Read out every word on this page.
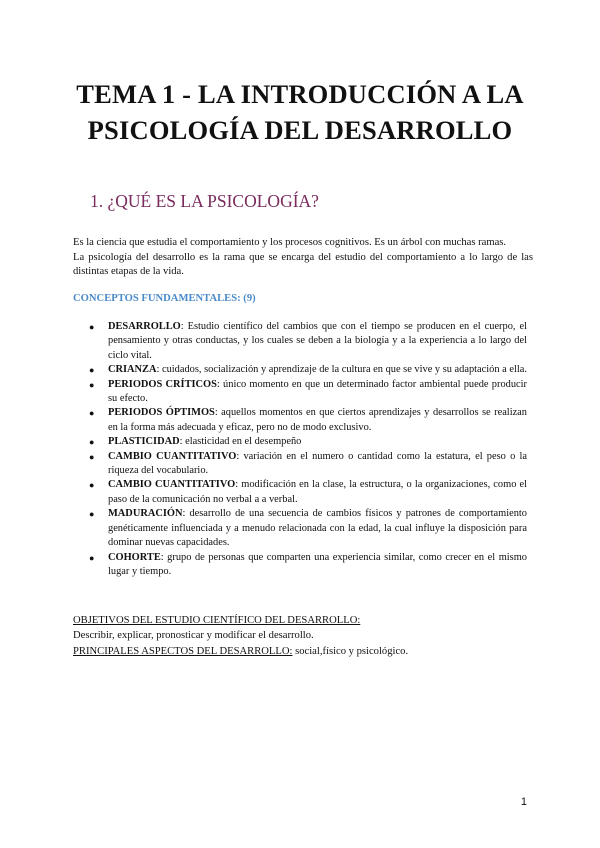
TEMA 1 - LA INTRODUCCIÓN A LA
PSICOLOGÍA DEL DESARROLLO
1. ¿QUÉ ES LA PSICOLOGÍA?

Es la ciencia que estudia el comportamiento y los procesos cognitivos. Es un árbol con muchas ramas.

La psicología del desarrollo es la rama que se encarga del estudio del comportamiento a lo largo de las distintas etapas de la vida.

CONCEPTOS FUNDAMENTALES: (9)
● DESARROLLO: Estudio científico del cambios que con el tiempo se producen en el cuerpo, el pensamiento y otras conductas, y los cuales se deben a la biología y a la experiencia a lo largo del ciclo vital.
● CRIANZA: cuidados, socialización y aprendizaje de la cultura en que se vive y su adaptación a ella.
● PERIODOS CRÍTICOS: único momento en que un determinado factor ambiental puede producir su efecto.
● PERIODOS ÓPTIMOS: aquellos momentos en que ciertos aprendizajes y desarrollos se realizan en la forma más adecuada y eficaz, pero no de modo exclusivo.
● PLASTICIDAD: elasticidad en el desempeño
● CAMBIO CUANTITATIVO: variación en el numero o cantidad como la estatura, el peso o la riqueza del vocabulario.
● CAMBIO CUANTITATIVO: modificación en la clase, la estructura, o la organizaciones, como el paso de la comunicación no verbal a a verbal.
● MADURACIÓN: desarrollo de una secuencia de cambios físicos y patrones de comportamiento genéticamente influenciada y a menudo relacionada con la edad, la cual influye la disposición para dominar nuevas capacidades.
● COHORTE: grupo de personas que comparten una experiencia similar, como crecer en el mismo lugar y tiempo.

OBJETIVOS DEL ESTUDIO CIENTÍFICO DEL DESARROLLO:

Describir, explicar, pronosticar y modificar el desarrollo.

PRINCIPALES ASPECTOS DEL DESARROLLO: social,físico y psicológico.

1
